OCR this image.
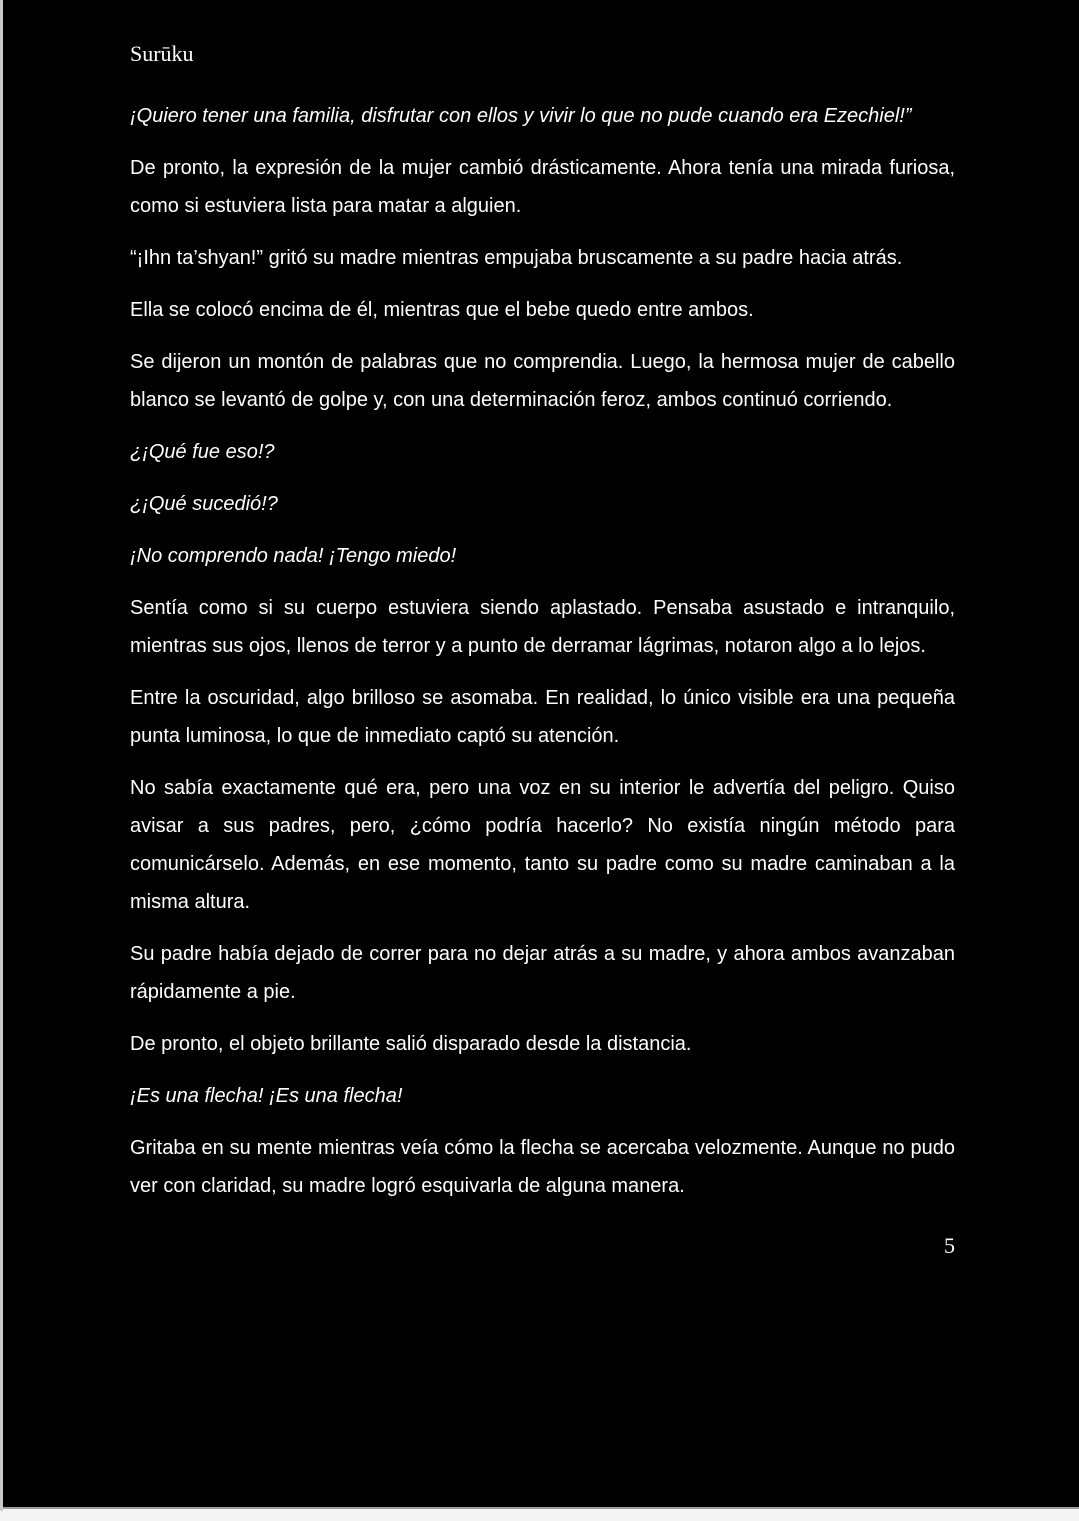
Surūku

¡Quiero tener una familia, disfrutar con ellos y vivir lo que no pude cuando era Ezechiel!”

De pronto, la expresión de la mujer cambió drásticamente. Ahora tenía una mirada furiosa, como si estuviera lista para matar a alguien.

“¡Ihn ta’shyan!” gritó su madre mientras empujaba bruscamente a su padre hacia atrás.

Ella se colocó encima de él, mientras que el bebe quedo entre ambos.

Se dijeron un montón de palabras que no comprendia. Luego, la hermosa mujer de cabello blanco se levantó de golpe y, con una determinación feroz, ambos continuó corriendo.

¿¡Qué fue eso!?

¿¡Qué sucedió!?

¡No comprendo nada! ¡Tengo miedo!

Sentía como si su cuerpo estuviera siendo aplastado. Pensaba asustado e intranquilo, mientras sus ojos, llenos de terror y a punto de derramar lágrimas, notaron algo a lo lejos.

Entre la oscuridad, algo brilloso se asomaba. En realidad, lo único visible era una pequeña punta luminosa, lo que de inmediato captó su atención.

No sabía exactamente qué era, pero una voz en su interior le advertía del peligro. Quiso avisar a sus padres, pero, ¿cómo podría hacerlo? No existía ningún método para comunicárselo. Además, en ese momento, tanto su padre como su madre caminaban a la misma altura.

Su padre había dejado de correr para no dejar atrás a su madre, y ahora ambos avanzaban rápidamente a pie.

De pronto, el objeto brillante salió disparado desde la distancia.

¡Es una flecha! ¡Es una flecha!

Gritaba en su mente mientras veía cómo la flecha se acercaba velozmente. Aunque no pudo ver con claridad, su madre logró esquivarla de alguna manera.

5
